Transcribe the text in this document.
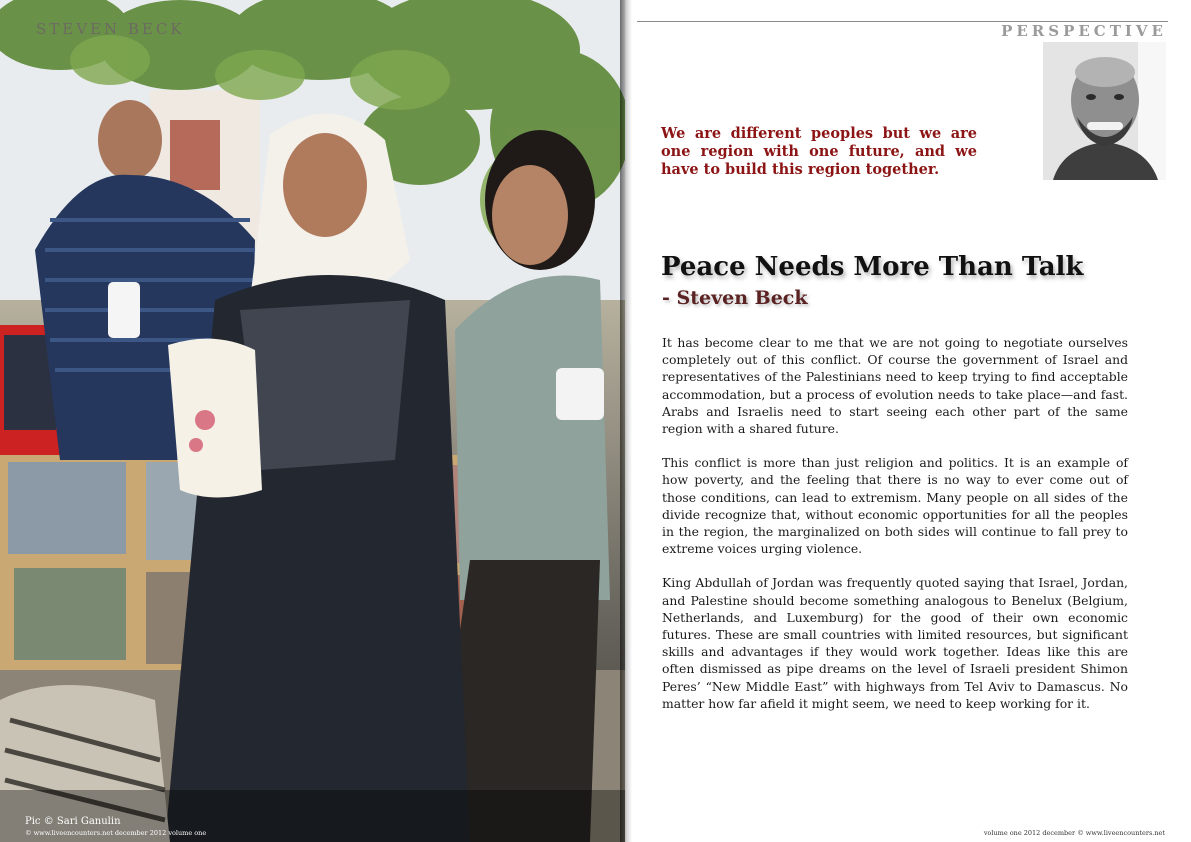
STEVEN BECK
Pic © Sari Ganulin
© www.liveencounters.net december 2012 volume one
PERSPECTIVE
We are different peoples but we are one region with one future, and we have to build this region together.
Peace Needs More Than Talk
- Steven Beck

It has become clear to me that we are not going to negotiate ourselves completely out of this conflict. Of course the government of Israel and representatives of the Palestinians need to keep trying to find acceptable accommodation, but a process of evolution needs to take place—and fast. Arabs and Israelis need to start seeing each other part of the same region with a shared future.

This conflict is more than just religion and politics. It is an example of how poverty, and the feeling that there is no way to ever come out of those conditions, can lead to extremism. Many people on all sides of the divide recognize that, without economic opportunities for all the peoples in the region, the marginalized on both sides will continue to fall prey to extreme voices urging violence.

King Abdullah of Jordan was frequently quoted saying that Israel, Jordan, and Palestine should become something analogous to Benelux (Belgium, Netherlands, and Luxemburg) for the good of their own economic futures. These are small countries with limited resources, but significant skills and advantages if they would work together. Ideas like this are often dismissed as pipe dreams on the level of Israeli president Shimon Peres’ “New Middle East” with highways from Tel Aviv to Damascus. No matter how far afield it might seem, we need to keep working for it.

volume one 2012 december © www.liveencounters.net
